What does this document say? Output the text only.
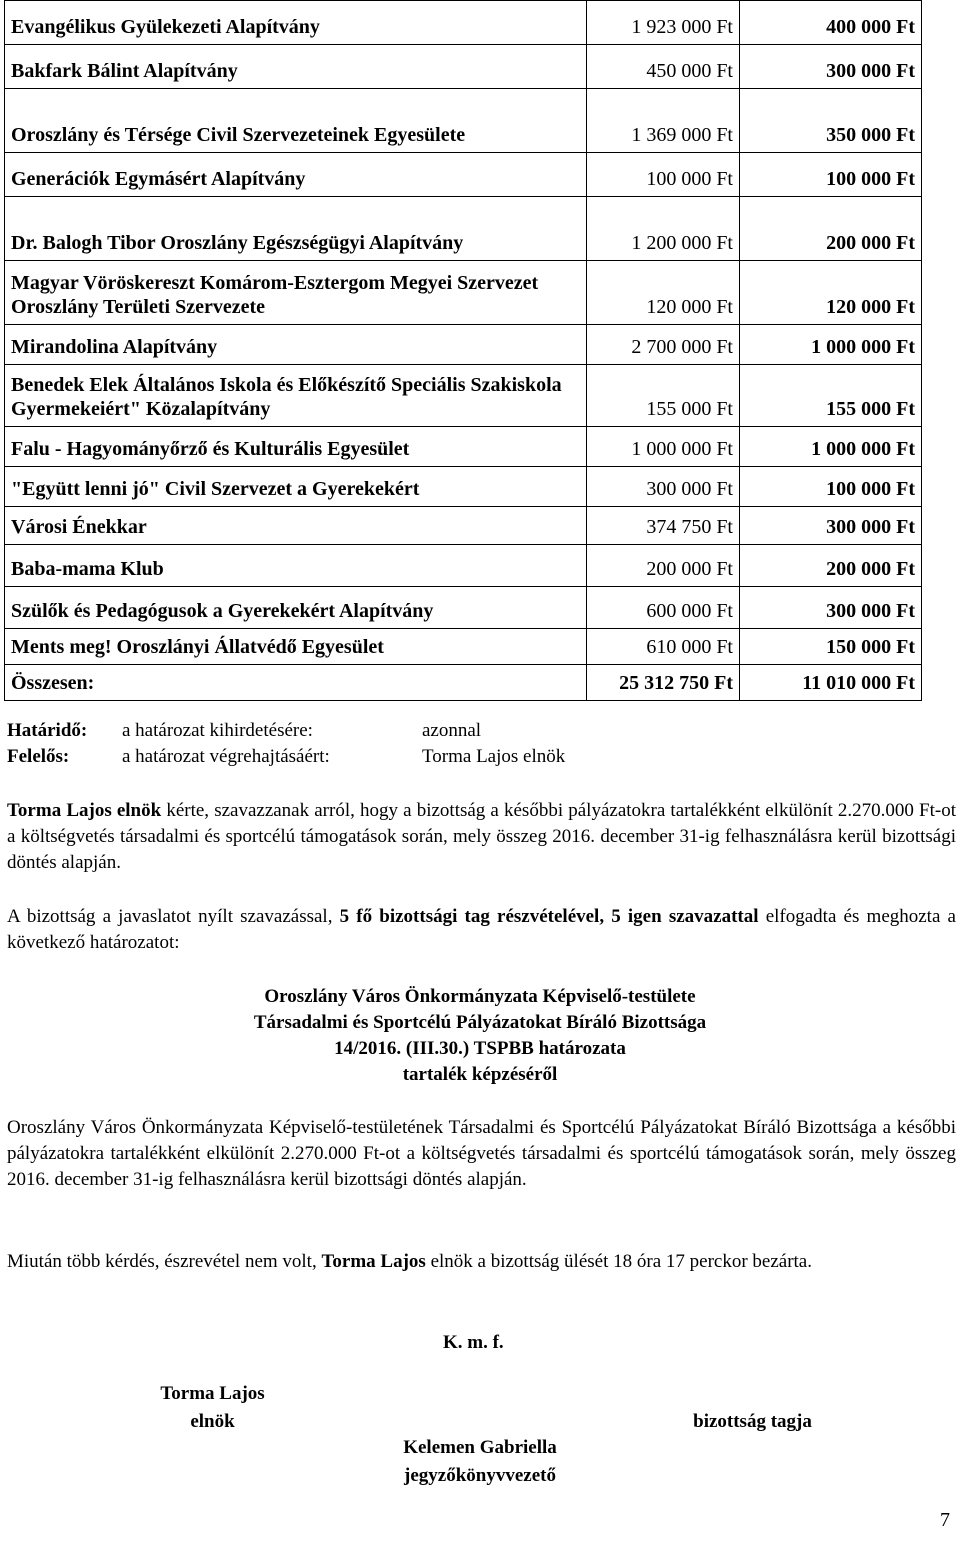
Evangélikus Gyülekezeti Alapítvány	1 923 000 Ft	400 000 Ft
Bakfark Bálint Alapítvány	450 000 Ft	300 000 Ft
Oroszlány és Térsége Civil Szervezeteinek Egyesülete	1 369 000 Ft	350 000 Ft
Generációk Egymásért Alapítvány	100 000 Ft	100 000 Ft
Dr. Balogh Tibor Oroszlány Egészségügyi Alapítvány	1 200 000 Ft	200 000 Ft
Magyar Vöröskereszt Komárom-Esztergom Megyei Szervezet Oroszlány Területi Szervezete	120 000 Ft	120 000 Ft
Mirandolina Alapítvány	2 700 000 Ft	1 000 000 Ft
Benedek Elek Általános Iskola és Előkészítő Speciális Szakiskola Gyermekeiért" Közalapítvány	155 000 Ft	155 000 Ft
Falu - Hagyományőrző és Kulturális Egyesület	1 000 000 Ft	1 000 000 Ft
"Együtt lenni jó" Civil Szervezet a Gyerekekért	300 000 Ft	100 000 Ft
Városi Énekkar	374 750 Ft	300 000 Ft
Baba-mama Klub	200 000 Ft	200 000 Ft
Szülők és Pedagógusok a Gyerekekért Alapítvány	600 000 Ft	300 000 Ft
Ments meg! Oroszlányi Állatvédő Egyesület	610 000 Ft	150 000 Ft
Összesen:	25 312 750 Ft	11 010 000 Ft
Határidő: a határozat kihirdetésére:	azonnal
Felelős:	a határozat végrehajtásáért:	Torma Lajos elnök

Torma Lajos elnök kérte, szavazzanak arról, hogy a bizottság a későbbi pályázatokra tartalékként elkülönít 2.270.000 Ft-ot a költségvetés társadalmi és sportcélú támogatások során, mely összeg 2016. december 31-ig felhasználásra kerül bizottsági döntés alapján.

A bizottság a javaslatot nyílt szavazással, 5 fő bizottsági tag részvételével, 5 igen szavazattal elfogadta és meghozta a következő határozatot:

Oroszlány Város Önkormányzata Képviselő-testülete
Társadalmi és Sportcélú Pályázatokat Bíráló Bizottsága
14/2016. (III.30.) TSPBB határozata
tartalék képzéséről

Oroszlány Város Önkormányzata Képviselő-testületének Társadalmi és Sportcélú Pályázatokat Bíráló Bizottsága a későbbi pályázatokra tartalékként elkülönít 2.270.000 Ft-ot a költségvetés társadalmi és sportcélú támogatások során, mely összeg 2016. december 31-ig felhasználásra kerül bizottsági döntés alapján.

Miután több kérdés, észrevétel nem volt, Torma Lajos elnök a bizottság ülését 18 óra 17 perckor bezárta.

K. m. f.
Torma Lajos
elnök	bizottság tagja
Kelemen Gabriella
jegyzőkönyvvezető
7
